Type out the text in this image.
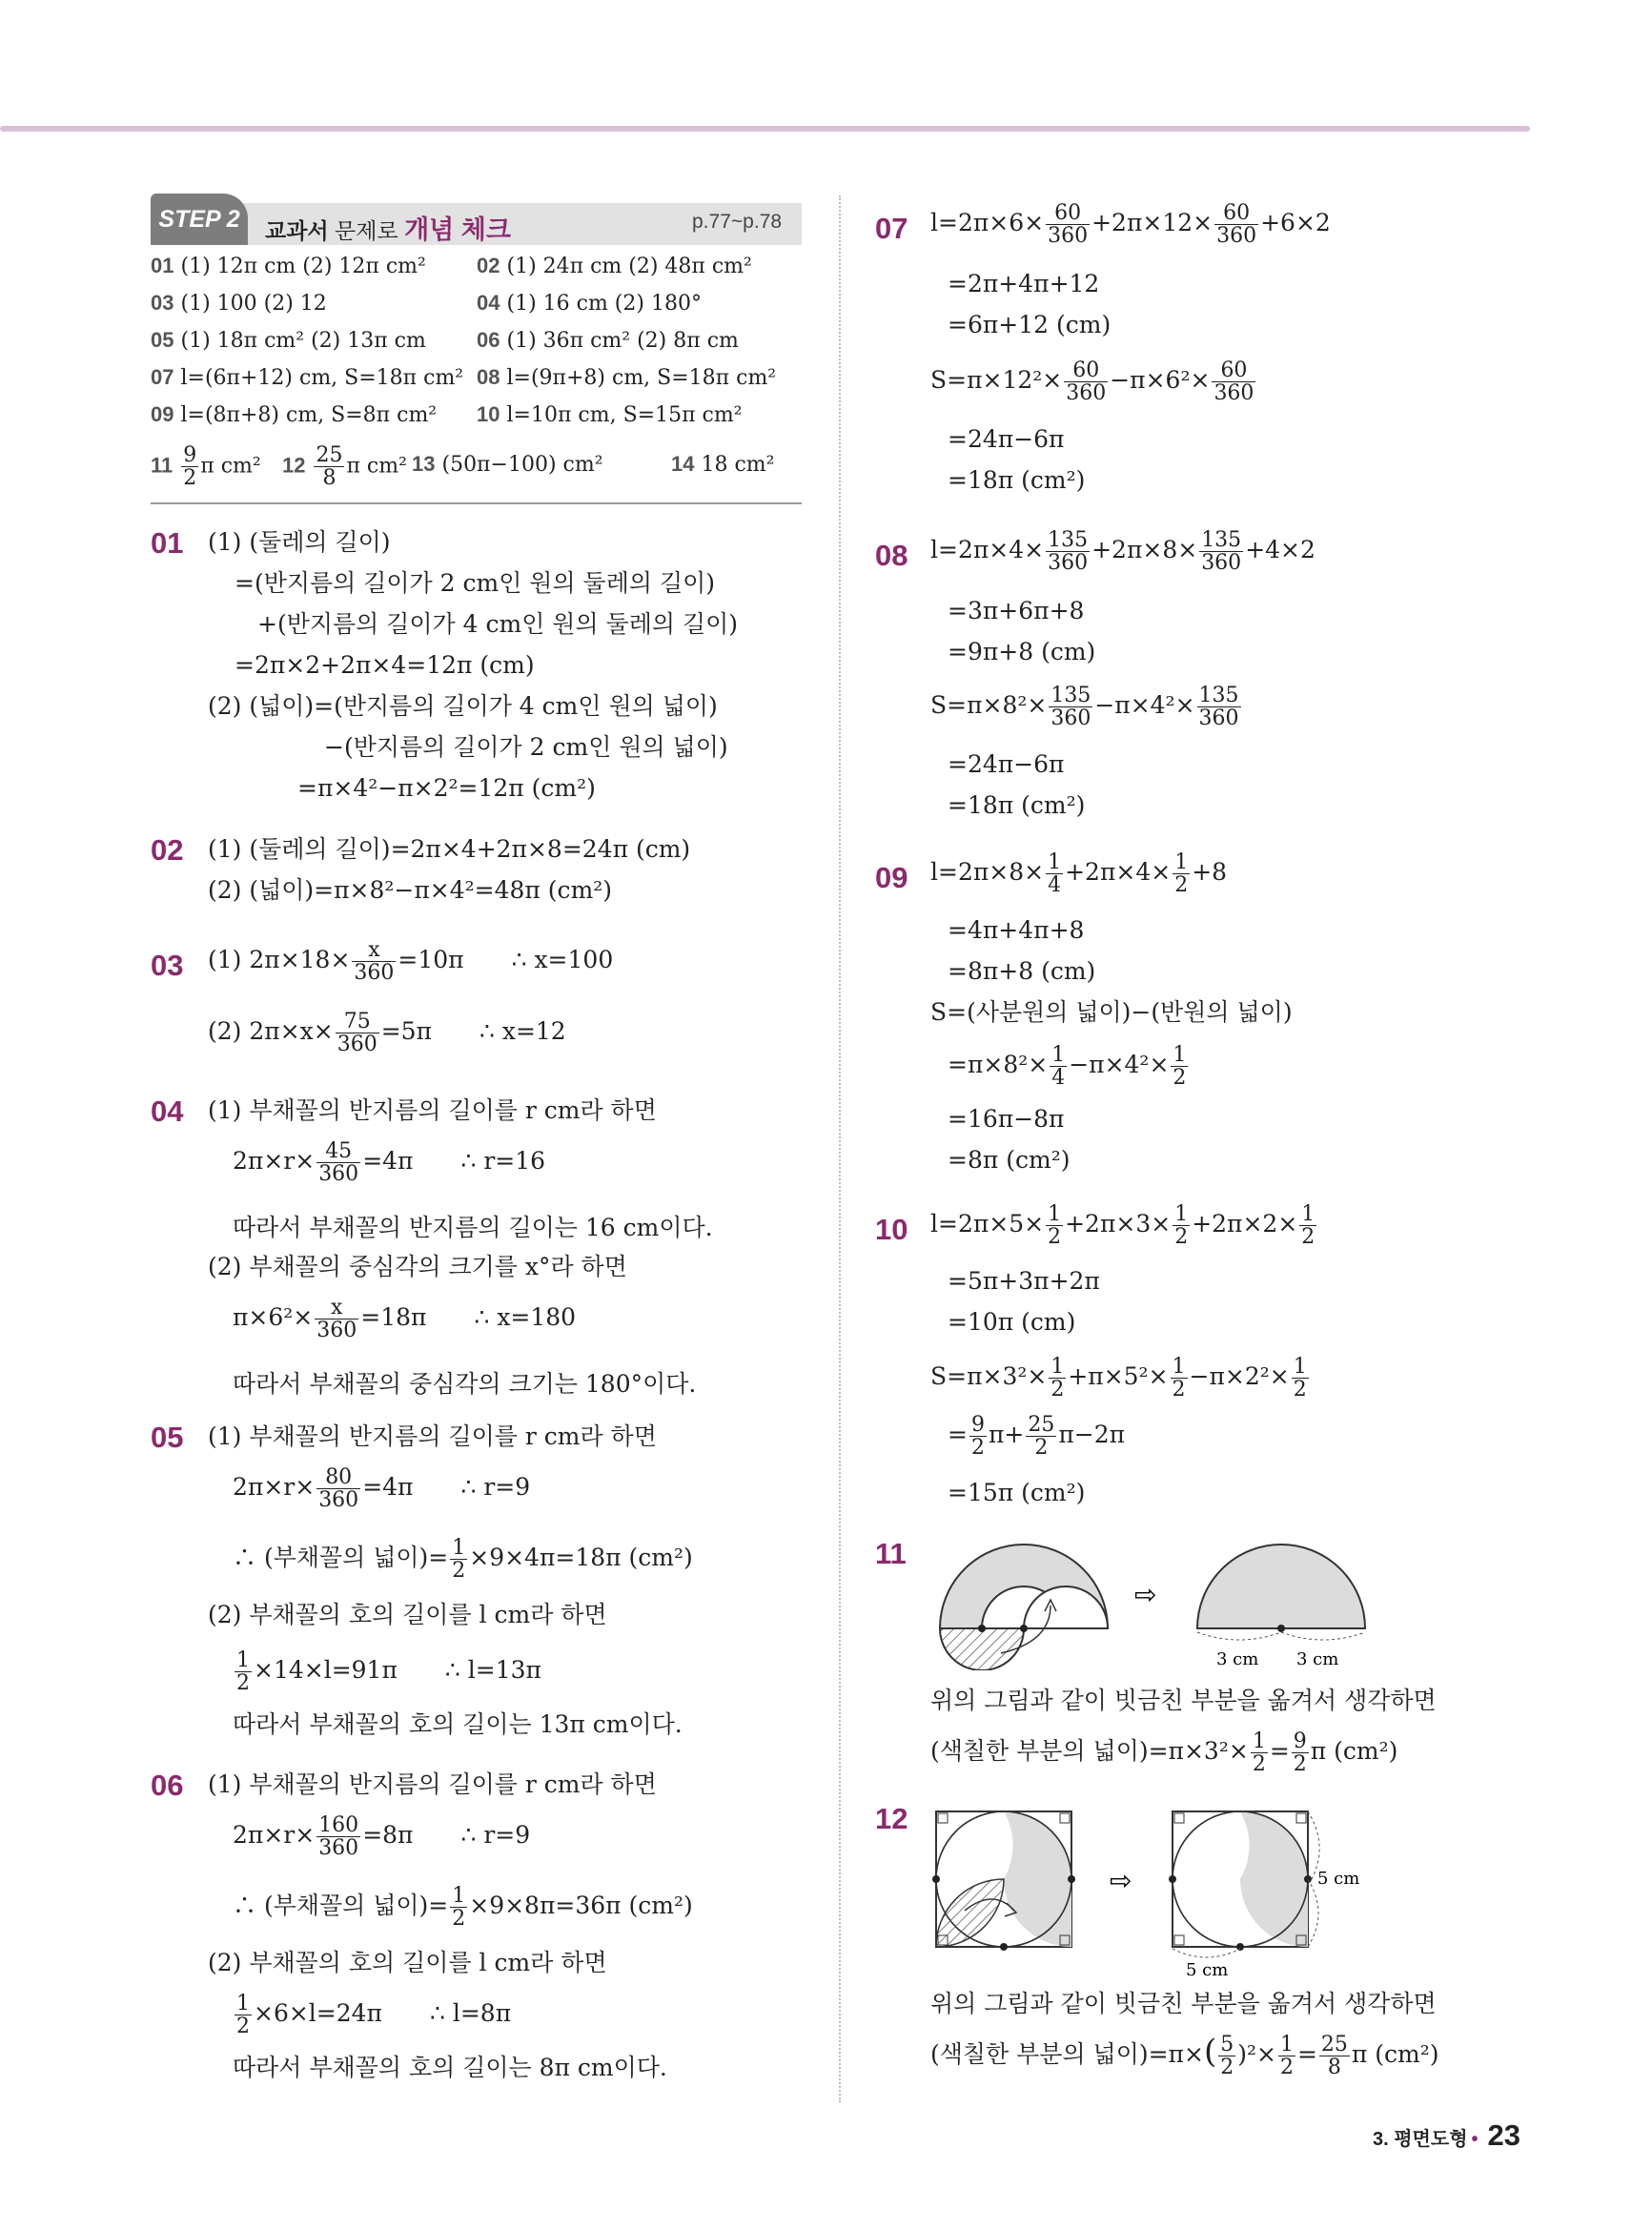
STEP 2	교과서 문제로 개념 체크	p.77~p.78
01 (1) 12π cm (2) 12π cm² 02 (1) 24π cm (2) 48π cm²
03 (1) 100 (2) 12	04 (1) 16 cm (2) 180°
05 (1) 18π cm² (2) 13π cm 06 (1) 36π cm² (2) 8π cm
07 l=(6π+12) cm, S=18π cm² 08 l=(9π+8) cm, S=18π cm²
09 l=(8π+8) cm, S=8π cm² 10 l=10π cm, S=15π cm²
$11 \frac{9}{2}$ π cm² $12 \frac{25}{8}$ π cm² 13 (50π−100) cm²	14 18 cm²
01 (1) (둘레의 길이)
=(반지름의 길이가 2 cm인 원의 둘레의 길이)
+(반지름의 길이가 4 cm인 원의 둘레의 길이)
=2π×2+2π×4=12π (cm)
(2) (넓이)=(반지름의 길이가 4 cm인 원의 넓이)
−(반지름의 길이가 2 cm인 원의 넓이)
=π×4²−π×2²=12π (cm²)
02 (1) (둘레의 길이)=2π×4+2π×8=24π (cm)
(2) (넓이)=π×8²−π×4²=48π (cm²)
03 (1) $2\pi\times 18\times \frac{x}{360} =10\pi$ ∴ x=100
(2) $2\pi\times x\times \frac{75}{360} =5\pi$ ∴ x=12
04 (1) 부채꼴의 반지름의 길이를 r cm라 하면
$2\pi\times r\times \frac{45}{360} =4\pi$ ∴ r=16
따라서 부채꼴의 반지름의 길이는 16 cm이다.
(2) 부채꼴의 중심각의 크기를 x°라 하면
$\pi\times 6^2\times \frac{x}{360} =18\pi$ ∴ x=180
따라서 부채꼴의 중심각의 크기는 180°이다.
05 (1) 부채꼴의 반지름의 길이를 r cm라 하면
$2\pi\times r\times \frac{80}{360} =4\pi$ ∴ r=9
∴ (부채꼴의 넓이)= $\frac{1}{2} \times 9\times 4\pi=18\pi$ (cm²)
(2) 부채꼴의 호의 길이를 l cm라 하면
$\frac{1}{2} \times 14\times l=91\pi$ ∴ l=13π
따라서 부채꼴의 호의 길이는 13π cm이다.
06 (1) 부채꼴의 반지름의 길이를 r cm라 하면
$2\pi\times r\times \frac{160}{360} =8\pi$ ∴ r=9
∴ (부채꼴의 넓이)= $\frac{1}{2} \times 9\times 8\pi=36\pi$ (cm²)
(2) 부채꼴의 호의 길이를 l cm라 하면
$\frac{1}{2} \times 6\times l=24\pi$ ∴ l=8π
따라서 부채꼴의 호의 길이는 8π cm이다.
07 $l=2\pi\times 6\times \frac{60}{360} +2\pi\times 12\times \frac{60}{360} +6\times 2$
=2π+4π+12
=6π+12 (cm)
$S=\pi\times 12^2\times \frac{60}{360} -\pi\times 6^2\times \frac{60}{360}$
=24π−6π
=18π (cm²)
08 $l=2\pi\times 4\times \frac{135}{360} +2\pi\times 8\times \frac{135}{360} +4\times 2$
=3π+6π+8
=9π+8 (cm)
$S=\pi\times 8^2\times \frac{135}{360} -\pi\times 4^2\times \frac{135}{360}$
=24π−6π
=18π (cm²)
09 $l=2\pi\times 8\times \frac{1}{4} +2\pi\times 4\times \frac{1}{2} +8$
=4π+4π+8
=8π+8 (cm)
S=(사분원의 넓이)−(반원의 넓이)
$=\pi\times 8^2\times \frac{1}{4} -\pi\times 4^2\times \frac{1}{2}$
=16π−8π
=8π (cm²)
10 $l=2\pi\times 5\times \frac{1}{2} +2\pi\times 3\times \frac{1}{2} +2\pi\times 2\times \frac{1}{2}$
=5π+3π+2π
=10π (cm)
$S=\pi\times 3^2\times \frac{1}{2} +\pi\times 5^2\times \frac{1}{2} -\pi\times 2^2\times \frac{1}{2}$
= $\frac{9}{2} \pi+ \frac{25}{2} \pi-2\pi$
=15π (cm²)
11
⇨
3 cm 3 cm
위의 그림과 같이 빗금친 부분을 옮겨서 생각하면
(색칠한 부분의 넓이)$=\pi\times 3^2\times \frac{1}{2} = \frac{9}{2}$ π (cm²)
12
⇨	5 cm
5 cm
위의 그림과 같이 빗금친 부분을 옮겨서 생각하면
(색칠한 부분의 넓이)$=\pi\times( \frac{5}{2} )^2\times \frac{1}{2} = \frac{25}{8}$ π (cm²)
3. 평면도형 • 23
